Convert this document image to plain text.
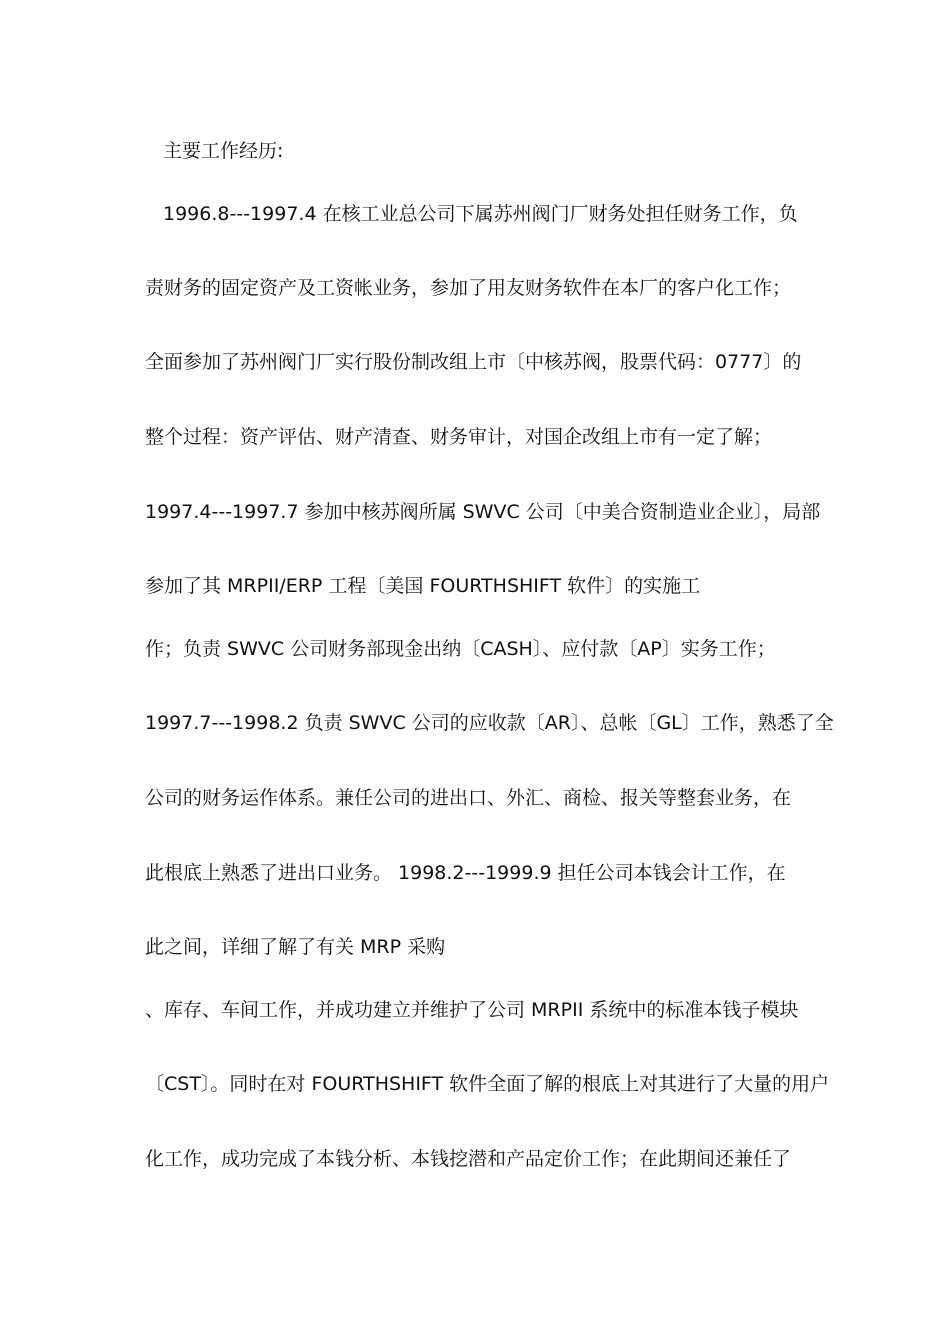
主要工作经历:
1996.8---1997.4 在核工业总公司下属苏州阀门厂财务处担任财务工作，负
责财务的固定资产及工资帐业务，参加了用友财务软件在本厂的客户化工作；
全面参加了苏州阀门厂实行股份制改组上市〔中核苏阀，股票代码：0777〕的
整个过程：资产评估、财产清查、财务审计，对国企改组上市有一定了解；
1997.4---1997.7 参加中核苏阀所属 SWVC 公司〔中美合资制造业企业〕，局部
参加了其 MRPII/ERP 工程〔美国 FOURTHSHIFT 软件〕的实施工
作；负责 SWVC 公司财务部现金出纳〔CASH〕、应付款〔AP〕实务工作；
1997.7---1998.2 负责 SWVC 公司的应收款〔AR〕、总帐〔GL〕工作，熟悉了全
公司的财务运作体系。兼任公司的进出口、外汇、商检、报关等整套业务，在
此根底上熟悉了进出口业务。 1998.2---1999.9 担任公司本钱会计工作，在
此之间，详细了解了有关 MRP 采购
、库存、车间工作，并成功建立并维护了公司 MRPII 系统中的标准本钱子模块
〔CST〕。同时在对 FOURTHSHIFT 软件全面了解的根底上对其进行了大量的用户
化工作，成功完成了本钱分析、本钱挖潜和产品定价工作；在此期间还兼任了
